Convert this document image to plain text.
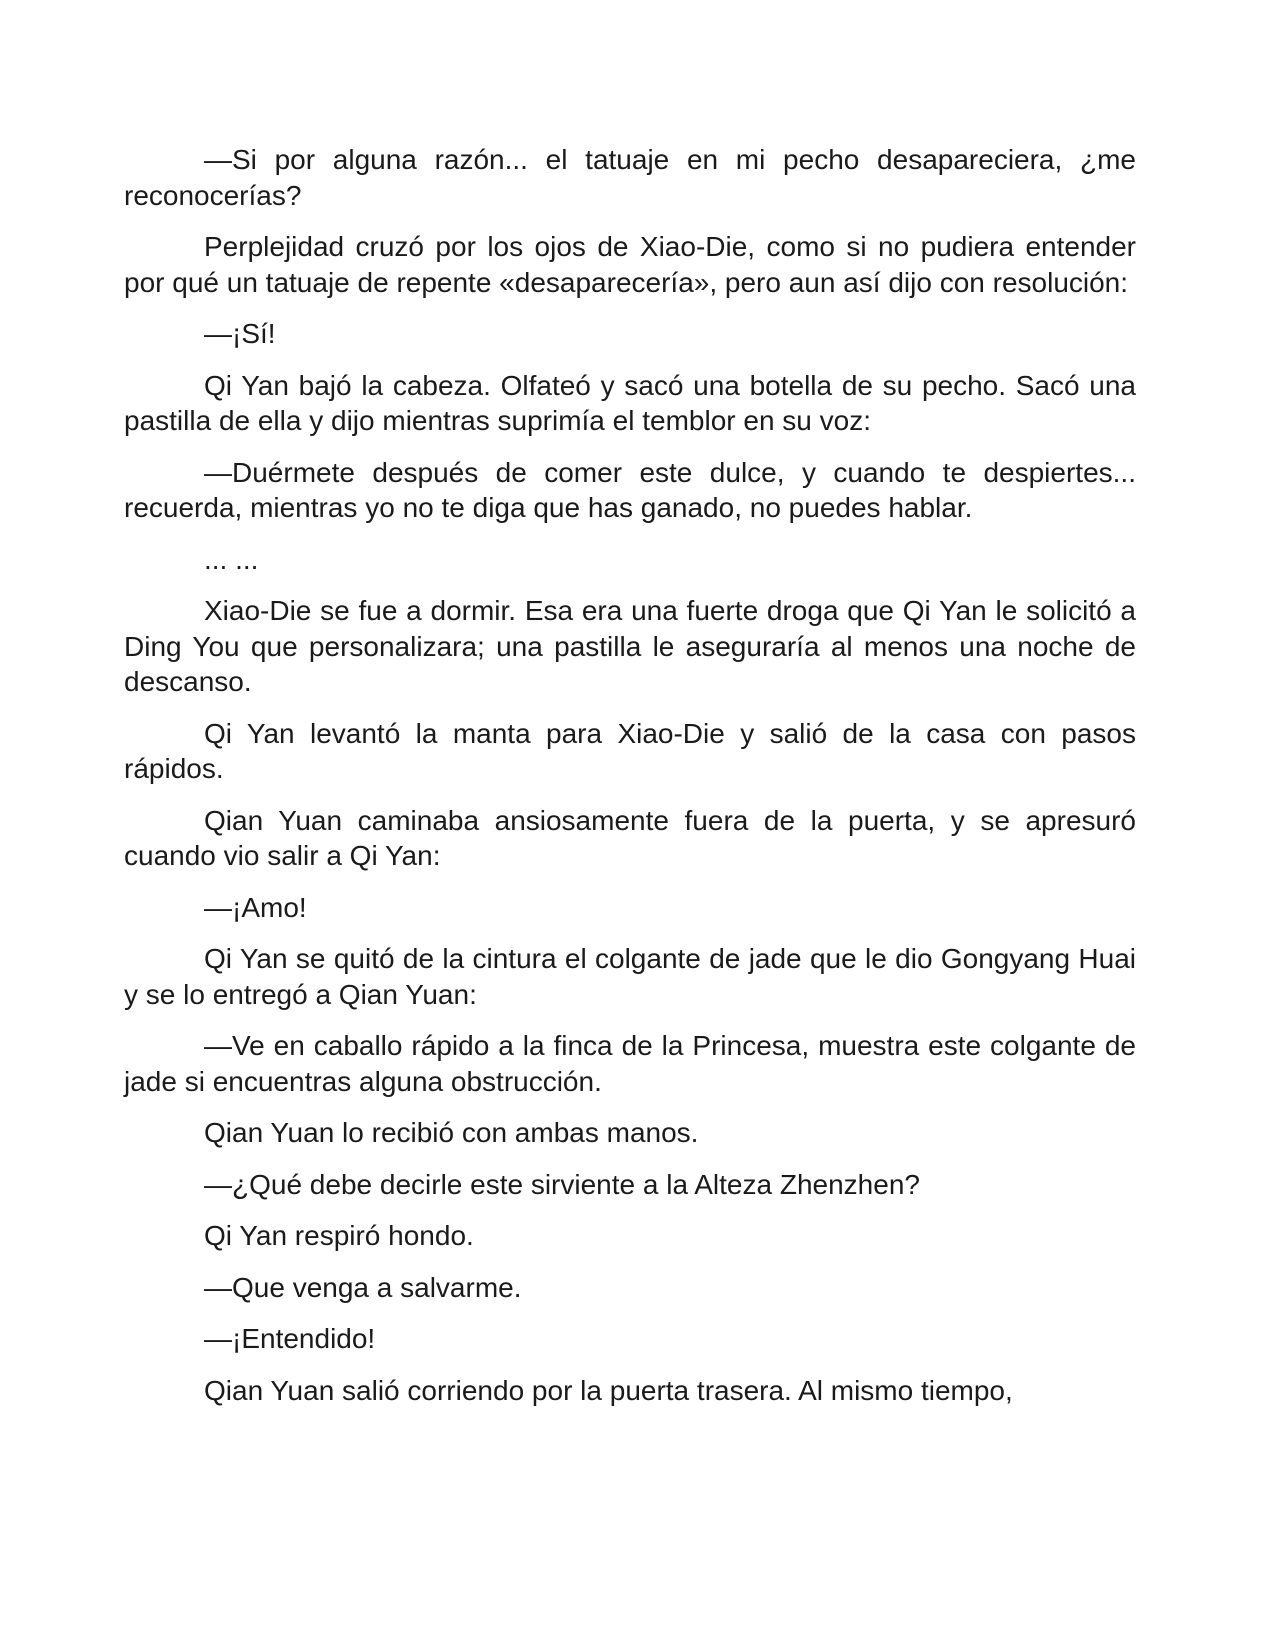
—Si por alguna razón... el tatuaje en mi pecho desapareciera, ¿me reconocerías?

Perplejidad cruzó por los ojos de Xiao-Die, como si no pudiera entender por qué un tatuaje de repente «desaparecería», pero aun así dijo con resolución:

—¡Sí!

Qi Yan bajó la cabeza. Olfateó y sacó una botella de su pecho. Sacó una pastilla de ella y dijo mientras suprimía el temblor en su voz:

—Duérmete después de comer este dulce, y cuando te despiertes... recuerda, mientras yo no te diga que has ganado, no puedes hablar.

... ...

Xiao-Die se fue a dormir. Esa era una fuerte droga que Qi Yan le solicitó a Ding You que personalizara; una pastilla le aseguraría al menos una noche de descanso.

Qi Yan levantó la manta para Xiao-Die y salió de la casa con pasos rápidos.

Qian Yuan caminaba ansiosamente fuera de la puerta, y se apresuró cuando vio salir a Qi Yan:

—¡Amo!

Qi Yan se quitó de la cintura el colgante de jade que le dio Gongyang Huai y se lo entregó a Qian Yuan:

—Ve en caballo rápido a la finca de la Princesa, muestra este colgante de jade si encuentras alguna obstrucción.

Qian Yuan lo recibió con ambas manos.

—¿Qué debe decirle este sirviente a la Alteza Zhenzhen?

Qi Yan respiró hondo.

—Que venga a salvarme.

—¡Entendido!

Qian Yuan salió corriendo por la puerta trasera. Al mismo tiempo,
